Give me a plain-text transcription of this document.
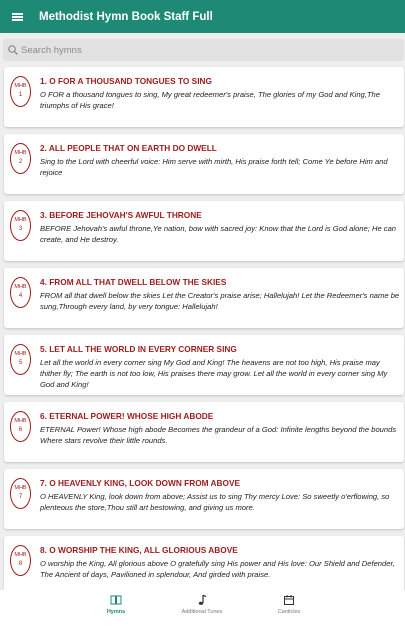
Methodist Hymn Book Staff Full
Search hymns
MHB
1
1. O FOR A THOUSAND TONGUES TO SING
O FOR a thousand tongues to sing, My great redeemer's praise, The glories of my God and King,The triumphs of His grace!
MHB
2
2. ALL PEOPLE THAT ON EARTH DO DWELL
Sing to the Lord with cheerful voice: Him serve with mirth, His praise forth tell; Come Ye before Him and rejoice
MHB
3
3. BEFORE JEHOVAH'S AWFUL THRONE
BEFORE Jehovah's awful throne,Ye nation, bow with sacred joy: Know that the Lord is God alone; He can create, and He destroy.
MHB
4
4. FROM ALL THAT DWELL BELOW THE SKIES
FROM all that dwell below the skies Let the Creator's praise arise; Hallelujah! Let the Redeemer's name be sung,Through every land, by very tongue: Hallelujah!
MHB
5
5. LET ALL THE WORLD IN EVERY CORNER SING
Let all the world in every corner sing My God and King! The heavens are not too high, His praise may thither fly; The earth is not too low, His praises there may grow. Let all the world in every corner sing My God and King!
MHB
6
6. ETERNAL POWER! WHOSE HIGH ABODE
ETERNAL Power! Whose high abode Becomes the grandeur of a God: Infinite lengths beyond the bounds Where stars revolve their little rounds.
MHB
7
7. O HEAVENLY KING, LOOK DOWN FROM ABOVE
O HEAVENLY King, look down from above; Assist us to sing Thy mercy Love: So sweetly o'erflowing, so plenteous the store,Thou still art bestowing, and giving us more.
MHB
8
8. O WORSHIP THE KING, ALL GLORIOUS ABOVE
O worship the King, All glorious above O gratefully sing His power and His love: Our Shield and Defender, The Ancient of days, Pavilioned in splendour, And girded with praise.
Hymns	Additional Tunes	Canticles
